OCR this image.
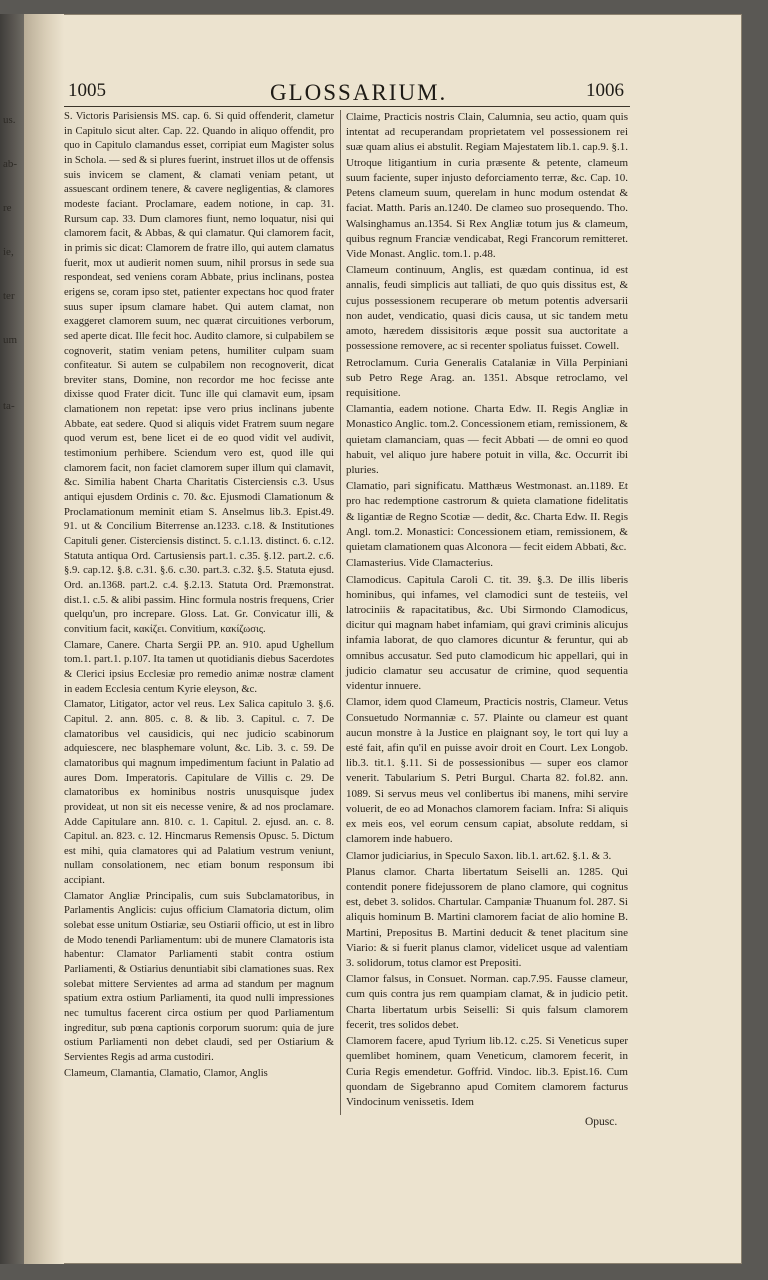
us.
ab-
re
ie,
ter
um
ta-
1005	GLOSSARIUM.	1006

S. Victoris Parisiensis MS. cap. 6. Si quid offenderit, clametur in Capitulo sicut alter. Cap. 22. Quando in aliquo offendit, pro quo in Capitulo clamandus esset, corripiat eum Magister solus in Schola. — sed & si plures fuerint, instruet illos ut de offensis suis invicem se clament, & clamati veniam petant, ut assuescant ordinem tenere, & cavere negligentias, & clamores modeste faciant. Proclamare, eadem notione, in cap. 31. Rursum cap. 33. Dum clamores fiunt, nemo loquatur, nisi qui clamorem facit, & Abbas, & qui clamatur. Qui clamorem facit, in primis sic dicat: Clamorem de fratre illo, qui autem clamatus fuerit, mox ut audierit nomen suum, nihil prorsus in sede sua respondeat, sed veniens coram Abbate, prius inclinans, postea erigens se, coram ipso stet, patienter expectans hoc quod frater suus super ipsum clamare habet. Qui autem clamat, non exaggeret clamorem suum, nec quærat circuitiones verborum, sed aperte dicat. Ille fecit hoc. Audito clamore, si culpabilem se cognoverit, statim veniam petens, humiliter culpam suam confiteatur. Si autem se culpabilem non recognoverit, dicat breviter stans, Domine, non recordor me hoc fecisse ante dixisse quod Frater dicit. Tunc ille qui clamavit eum, ipsam clamationem non repetat: ipse vero prius inclinans jubente Abbate, eat sedere. Quod si aliquis videt Fratrem suum negare quod verum est, bene licet ei de eo quod vidit vel audivit, testimonium perhibere. Sciendum vero est, quod ille qui clamorem facit, non faciet clamorem super illum qui clamavit, &c. Similia habent Charta Charitatis Cisterciensis c.3. Usus antiqui ejusdem Ordinis c. 70. &c. Ejusmodi Clamationum & Proclamationum meminit etiam S. Anselmus lib.3. Epist.49. 91. ut & Concilium Biterrense an.1233. c.18. & Institutiones Capituli gener. Cisterciensis distinct. 5. c.1.13. distinct. 6. c.12. Statuta antiqua Ord. Cartusiensis part.1. c.35. §.12. part.2. c.6. §.9. cap.12. §.8. c.31. §.6. c.30. part.3. c.32. §.5. Statuta ejusd. Ord. an.1368. part.2. c.4. §.2.13. Statuta Ord. Præmonstrat. dist.1. c.5. & alibi passim. Hinc formula nostris frequens, Crier quelqu'un, pro increpare. Gloss. Lat. Gr. Convicatur illi, & convitium facit, κακίζει. Convitium, κακίζωσις.

Clamare, Canere. Charta Sergii PP. an. 910. apud Ughellum tom.1. part.1. p.107. Ita tamen ut quotidianis diebus Sacerdotes & Clerici ipsius Ecclesiæ pro remedio animæ nostræ clament in eadem Ecclesia centum Kyrie eleyson, &c.

Clamator, Litigator, actor vel reus. Lex Salica capitulo 3. §.6. Capitul. 2. ann. 805. c. 8. & lib. 3. Capitul. c. 7. De clamatoribus vel causidicis, qui nec judicio scabinorum adquiescere, nec blasphemare volunt, &c. Lib. 3. c. 59. De clamatoribus qui magnum impedimentum faciunt in Palatio ad aures Dom. Imperatoris. Capitulare de Villis c. 29. De clamatoribus ex hominibus nostris unusquisque judex provideat, ut non sit eis necesse venire, & ad nos proclamare. Adde Capitulare ann. 810. c. 1. Capitul. 2. ejusd. an. c. 8. Capitul. an. 823. c. 12. Hincmarus Remensis Opusc. 5. Dictum est mihi, quia clamatores qui ad Palatium vestrum veniunt, nullam consolationem, nec etiam bonum responsum ibi accipiant.

Clamator Angliæ Principalis, cum suis Subclamatoribus, in Parlamentis Anglicis: cujus officium Clamatoria dictum, olim solebat esse unitum Ostiariæ, seu Ostiarii officio, ut est in libro de Modo tenendi Parliamentum: ubi de munere Clamatoris ista habentur: Clamator Parliamenti stabit contra ostium Parliamenti, & Ostiarius denuntiabit sibi clamationes suas. Rex solebat mittere Servientes ad arma ad standum per magnum spatium extra ostium Parliamenti, ita quod nulli impressiones nec tumultus facerent circa ostium per quod Parliamentum ingreditur, sub pœna captionis corporum suorum: quia de jure ostium Parliamenti non debet claudi, sed per Ostiarium & Servientes Regis ad arma custodiri.

Clameum, Clamantia, Clamatio, Clamor, Anglis

Claime, Practicis nostris Clain, Calumnia, seu actio, quam quis intentat ad recuperandam proprietatem vel possessionem rei suæ quam alius ei abstulit. Regiam Majestatem lib.1. cap.9. §.1. Utroque litigantium in curia præsente & petente, clameum suum faciente, super injusto deforciamento terræ, &c. Cap. 10. Petens clameum suum, querelam in hunc modum ostendat & faciat. Matth. Paris an.1240. De clameo suo prosequendo. Tho. Walsinghamus an.1354. Si Rex Angliæ totum jus & clameum, quibus regnum Franciæ vendicabat, Regi Francorum remitteret. Vide Monast. Anglic. tom.1. p.48.

Clameum continuum, Anglis, est quædam continua, id est annalis, feudi simplicis aut talliati, de quo quis dissitus est, & cujus possessionem recuperare ob metum potentis adversarii non audet, vendicatio, quasi dicis causa, ut sic tandem metu amoto, hæredem dissisitoris æque possit sua auctoritate a possessione removere, ac si recenter spoliatus fuisset. Cowell.

Retroclamum. Curia Generalis Catalaniæ in Villa Perpiniani sub Petro Rege Arag. an. 1351. Absque retroclamo, vel requisitione.

Clamantia, eadem notione. Charta Edw. II. Regis Angliæ in Monastico Anglic. tom.2. Concessionem etiam, remissionem, & quietam clamanciam, quas — fecit Abbati — de omni eo quod habuit, vel aliquo jure habere potuit in villa, &c. Occurrit ibi pluries.

Clamatio, pari significatu. Matthæus Westmonast. an.1189. Et pro hac redemptione castrorum & quieta clamatione fidelitatis & ligantiæ de Regno Scotiæ — dedit, &c. Charta Edw. II. Regis Angl. tom.2. Monastici: Concessionem etiam, remissionem, & quietam clamationem quas Alconora — fecit eidem Abbati, &c.

Clamasterius. Vide Clamacterius.

Clamodicus. Capitula Caroli C. tit. 39. §.3. De illis liberis hominibus, qui infames, vel clamodici sunt de testeiis, vel latrociniis & rapacitatibus, &c. Ubi Sirmondo Clamodicus, dicitur qui magnam habet infamiam, qui gravi criminis alicujus infamia laborat, de quo clamores dicuntur & feruntur, qui ab omnibus accusatur. Sed puto clamodicum hic appellari, qui in judicio clamatur seu accusatur de crimine, quod sequentia videntur innuere.

Clamor, idem quod Clameum, Practicis nostris, Clameur. Vetus Consuetudo Normanniæ c. 57. Plainte ou clameur est quant aucun monstre à la Justice en plaignant soy, le tort qui luy a esté fait, afin qu'il en puisse avoir droit en Court. Lex Longob. lib.3. tit.1. §.11. Si de possessionibus — super eos clamor venerit. Tabularium S. Petri Burgul. Charta 82. fol.82. ann. 1089. Si servus meus vel conlibertus ibi manens, mihi servire voluerit, de eo ad Monachos clamorem faciam. Infra: Si aliquis ex meis eos, vel eorum censum capiat, absolute reddam, si clamorem inde habuero.

Clamor judiciarius, in Speculo Saxon. lib.1. art.62. §.1. & 3.

Planus clamor. Charta libertatum Seiselli an. 1285. Qui contendit ponere fidejussorem de plano clamore, qui cognitus est, debet 3. solidos. Chartular. Campaniæ Thuanum fol. 287. Si aliquis hominum B. Martini clamorem faciat de alio homine B. Martini, Prepositus B. Martini deducit & tenet placitum sine Viario: & si fuerit planus clamor, videlicet usque ad valentiam 3. solidorum, totus clamor est Prepositi.

Clamor falsus, in Consuet. Norman. cap.7.95. Fausse clameur, cum quis contra jus rem quampiam clamat, & in judicio petit. Charta libertatum urbis Seiselli: Si quis falsum clamorem fecerit, tres solidos debet.

Clamorem facere, apud Tyrium lib.12. c.25. Si Veneticus super quemlibet hominem, quam Veneticum, clamorem fecerit, in Curia Regis emendetur. Goffrid. Vindoc. lib.3. Epist.16. Cum quondam de Sigebranno apud Comitem clamorem facturus Vindocinum venissetis. Idem

Opusc.
